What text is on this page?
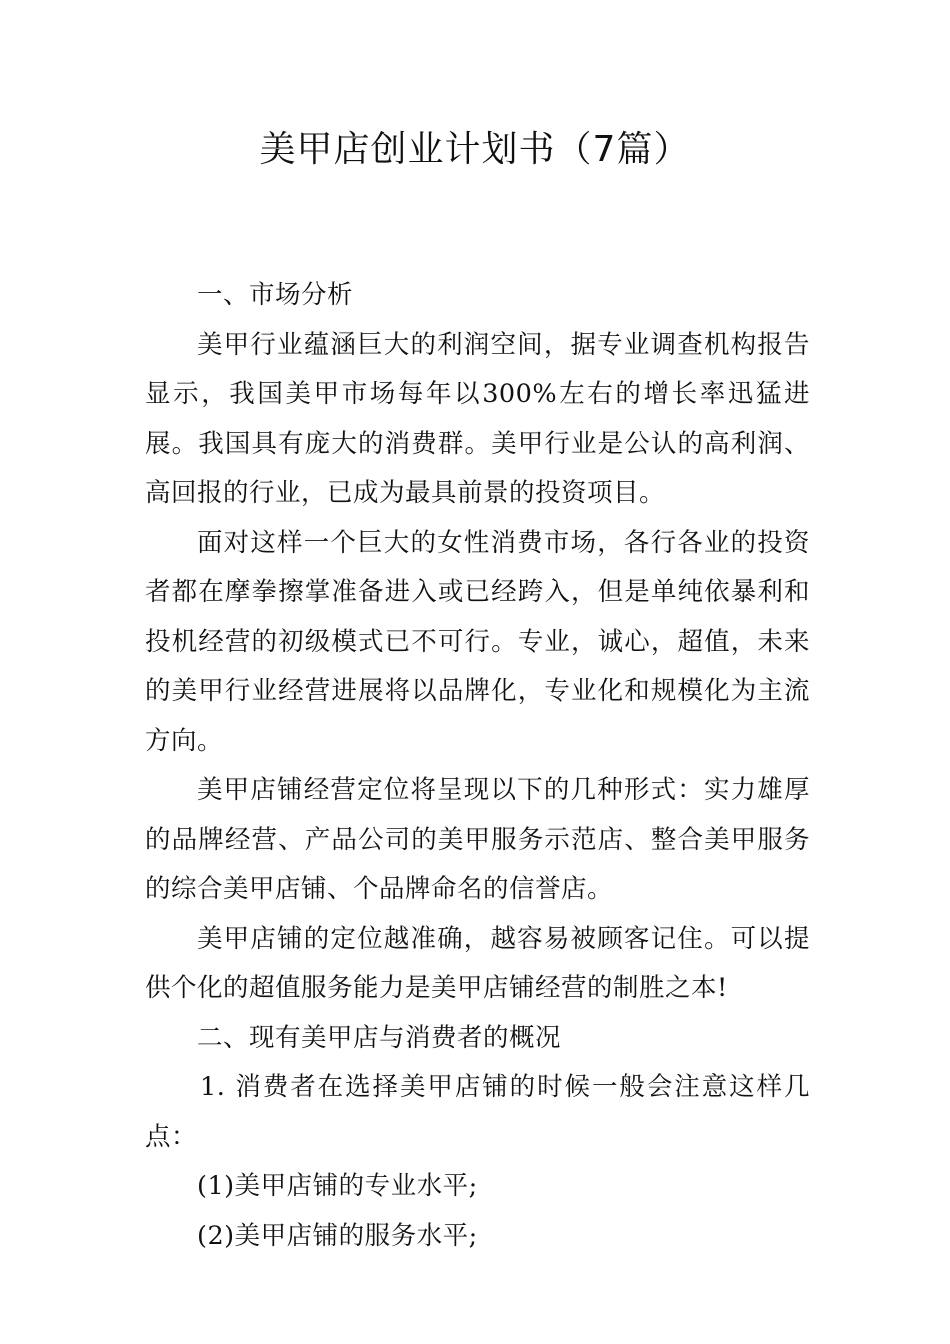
美甲店创业计划书（7篇）

一、市场分析

美甲行业蕴涵巨大的利润空间，据专业调查机构报告显示，我国美甲市场每年以300%左右的增长率迅猛进展。我国具有庞大的消费群。美甲行业是公认的高利润、高回报的行业，已成为最具前景的投资项目。

面对这样一个巨大的女性消费市场，各行各业的投资者都在摩拳擦掌准备进入或已经跨入，但是单纯依暴利和投机经营的初级模式已不可行。专业，诚心，超值，未来的美甲行业经营进展将以品牌化，专业化和规模化为主流方向。

美甲店铺经营定位将呈现以下的几种形式：实力雄厚的品牌经营、产品公司的美甲服务示范店、整合美甲服务的综合美甲店铺、个品牌命名的信誉店。

美甲店铺的定位越准确，越容易被顾客记住。可以提供个化的超值服务能力是美甲店铺经营的制胜之本!

二、现有美甲店与消费者的概况

1. 消费者在选择美甲店铺的时候一般会注意这样几点：

(1)美甲店铺的专业水平;

(2)美甲店铺的服务水平;
